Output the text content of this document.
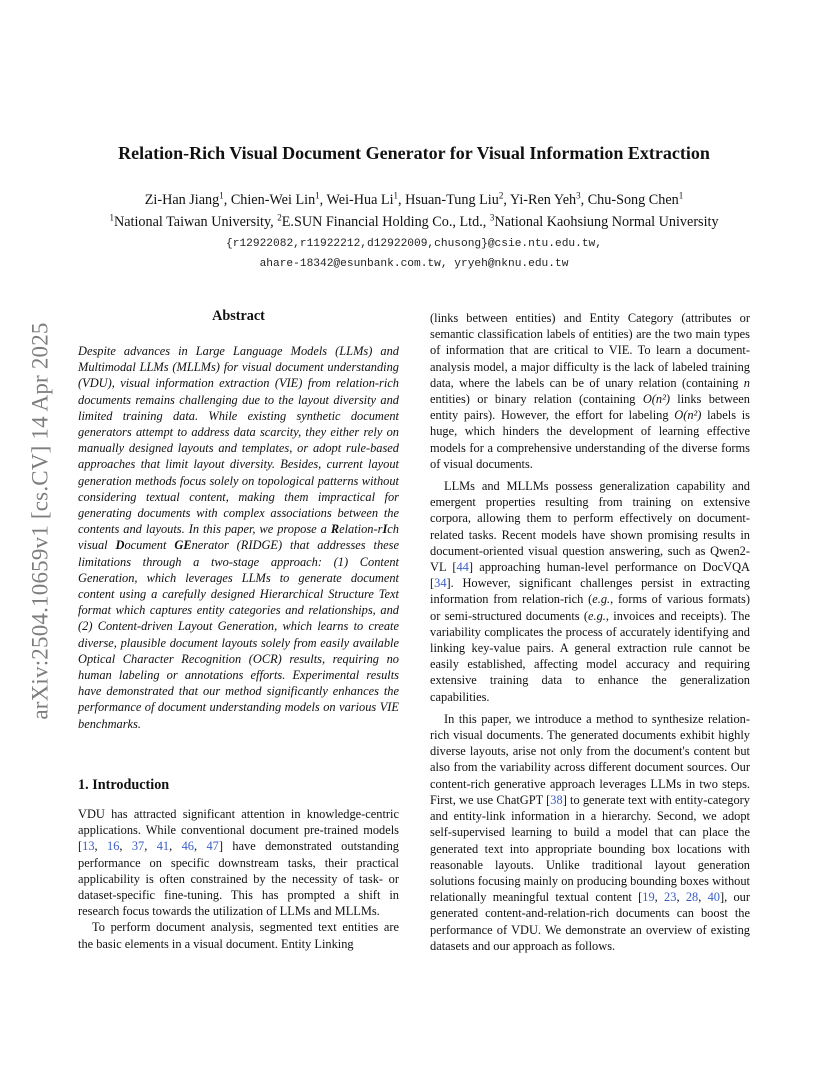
arXiv:2504.10659v1 [cs.CV] 14 Apr 2025
Relation-Rich Visual Document Generator for Visual Information Extraction
Zi-Han Jiang$^1$, Chien-Wei Lin$^1$, Wei-Hua Li$^1$, Hsuan-Tung Liu$^2$, Yi-Ren Yeh$^3$, Chu-Song Chen$^1$
$^1$National Taiwan University, $^2$E.SUN Financial Holding Co., Ltd., $^3$National Kaohsiung Normal University
{r12922082,r11922212,d12922009,chusong}@csie.ntu.edu.tw,
ahare-18342@esunbank.com.tw, yryeh@nknu.edu.tw
Abstract
Despite advances in Large Language Models (LLMs) and Multimodal LLMs (MLLMs) for visual document understanding (VDU), visual information extraction (VIE) from relation-rich documents remains challenging due to the layout diversity and limited training data. While existing synthetic document generators attempt to address data scarcity, they either rely on manually designed layouts and templates, or adopt rule-based approaches that limit layout diversity. Besides, current layout generation methods focus solely on topological patterns without considering textual content, making them impractical for generating documents with complex associations between the contents and layouts. In this paper, we propose a Relation-rIch visual Document GEnerator (RIDGE) that addresses these limitations through a two-stage approach: (1) Content Generation, which leverages LLMs to generate document content using a carefully designed Hierarchical Structure Text format which captures entity categories and relationships, and (2) Content-driven Layout Generation, which learns to create diverse, plausible document layouts solely from easily available Optical Character Recognition (OCR) results, requiring no human labeling or annotations efforts. Experimental results have demonstrated that our method significantly enhances the performance of document understanding models on various VIE benchmarks.
1. Introduction

VDU has attracted significant attention in knowledge-centric applications. While conventional document pre-trained models [13, 16, 37, 41, 46, 47] have demonstrated outstanding performance on specific downstream tasks, their practical applicability is often constrained by the necessity of task- or dataset-specific fine-tuning. This has prompted a shift in research focus towards the utilization of LLMs and MLLMs.

To perform document analysis, segmented text entities are the basic elements in a visual document. Entity Linking

(links between entities) and Entity Category (attributes or semantic classification labels of entities) are the two main types of information that are critical to VIE. To learn a document-analysis model, a major difficulty is the lack of labeled training data, where the labels can be of unary relation (containing n entities) or binary relation (containing O(n²) links between entity pairs). However, the effort for labeling O(n²) labels is huge, which hinders the development of learning effective models for a comprehensive understanding of the diverse forms of visual documents.

LLMs and MLLMs possess generalization capability and emergent properties resulting from training on extensive corpora, allowing them to perform effectively on document-related tasks. Recent models have shown promising results in document-oriented visual question answering, such as Qwen2-VL [44] approaching human-level performance on DocVQA [34]. However, significant challenges persist in extracting information from relation-rich (e.g., forms of various formats) or semi-structured documents (e.g., invoices and receipts). The variability complicates the process of accurately identifying and linking key-value pairs. A general extraction rule cannot be easily established, affecting model accuracy and requiring extensive training data to enhance the generalization capabilities.

In this paper, we introduce a method to synthesize relation-rich visual documents. The generated documents exhibit highly diverse layouts, arise not only from the document's content but also from the variability across different document sources. Our content-rich generative approach leverages LLMs in two steps. First, we use ChatGPT [38] to generate text with entity-category and entity-link information in a hierarchy. Second, we adopt self-supervised learning to build a model that can place the generated text into appropriate bounding box locations with reasonable layouts. Unlike traditional layout generation solutions focusing mainly on producing bounding boxes without relationally meaningful textual content [19, 23, 28, 40], our generated content-and-relation-rich documents can boost the performance of VDU. We demonstrate an overview of existing datasets and our approach as follows.
